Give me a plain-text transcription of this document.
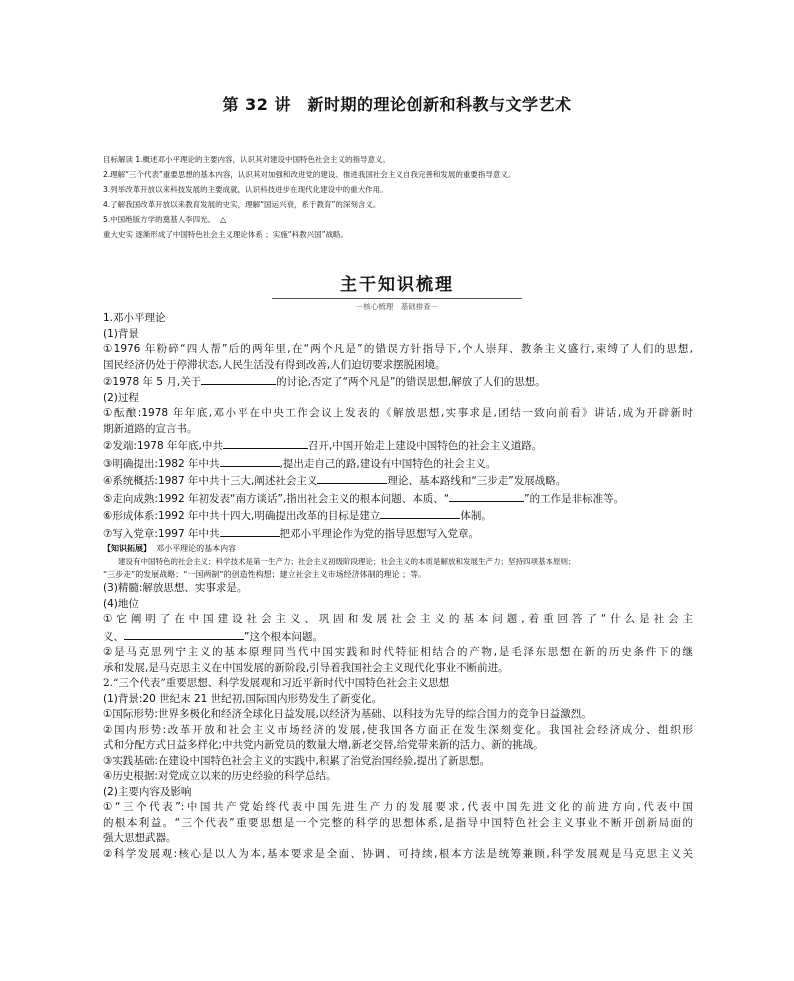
第 32 讲　新时期的理论创新和科教与文学艺术
目标解读 1.概述邓小平理论的主要内容，认识其对建设中国特色社会主义的指导意义。
2.理解“三个代表”重要思想的基本内容，认识其对加强和改进党的建设、推进我国社会主义自我完善和发展的重要指导意义。
3.列举改革开放以来科技发展的主要成就，认识科技进步在现代化建设中的重大作用。
4.了解我国改革开放以来教育发展的史实，理解“国运兴衰，系于教育”的深刻含义。
5.中国绝版方学的奠基人李四光。 △
重大史实 逐渐形成了中国特色社会主义理论体系 ；实施“科教兴国”战略。
主干知识梳理
－核心梳理　基础排查－
1.邓小平理论
(1)背景
①1976 年粉碎“四人帮”后的两年里,在“两个凡是”的错误方针指导下,个人崇拜、教条主义盛行,束缚了人们的思想,
国民经济仍处于停滞状态,人民生活没有得到改善,人们迫切要求摆脱困境。
②1978 年 5 月,关于	的讨论,否定了“两个凡是”的错误思想,解放了人们的思想。
(2)过程
①酝酿:1978 年年底,邓小平在中央工作会议上发表的《解放思想,实事求是,团结一致向前看》讲话,成为开辟新时
期新道路的宣言书。
②发端:1978 年年底,中共	召开,中国开始走上建设中国特色的社会主义道路。
③明确提出:1982 年中共	,提出走自己的路,建设有中国特色的社会主义。
④系统概括:1987 年中共十三大,阐述社会主义	理论、基本路线和“三步走”发展战略。
⑤走向成熟:1992 年初发表“南方谈话”,指出社会主义的根本问题、本质、“	”的工作是非标准等。
⑥形成体系:1992 年中共十四大,明确提出改革的目标是建立	体制。
⑦写入党章:1997 年中共	把邓小平理论作为党的指导思想写入党章。
【知识拓展】 邓小平理论的基本内容
建设有中国特色的社会主义；科学技术是第一生产力；社会主义初级阶段理论；社会主义的本质是解放和发展生产力；坚持四项基本原则；
“三步走”的发展战略；“一国两制”的创造性构想；建立社会主义市场经济体制的理论 ；等。
(3)精髓:解放思想、实事求是。
(4)地位
①它阐明了在中国建设社会主义、巩固和发展社会主义的基本问题,着重回答了“什么是社会主
义、	”这个根本问题。
②是马克思列宁主义的基本原理同当代中国实践和时代特征相结合的产物,是毛泽东思想在新的历史条件下的继
承和发展,是马克思主义在中国发展的新阶段,引导着我国社会主义现代化事业不断前进。
2.“三个代表”重要思想、科学发展观和习近平新时代中国特色社会主义思想
(1)背景:20 世纪末 21 世纪初,国际国内形势发生了新变化。
①国际形势:世界多极化和经济全球化日益发展,以经济为基础、以科技为先导的综合国力的竞争日益激烈。
②国内形势:改革开放和社会主义市场经济的发展,使我国各方面正在发生深刻变化。我国社会经济成分、组织形
式和分配方式日益多样化;中共党内新党员的数量大增,新老交替,给党带来新的活力、新的挑战。
③实践基础:在建设中国特色社会主义的实践中,积累了治党治国经验,提出了新思想。
④历史根据:对党成立以来的历史经验的科学总结。
(2)主要内容及影响
①“三个代表”:中国共产党始终代表中国先进生产力的发展要求,代表中国先进文化的前进方向,代表中国
的根本利益。“三个代表”重要思想是一个完整的科学的思想体系,是指导中国特色社会主义事业不断开创新局面的
强大思想武器。
②科学发展观:核心是以人为本,基本要求是全面、协调、可持续,根本方法是统筹兼顾,科学发展观是马克思主义关
